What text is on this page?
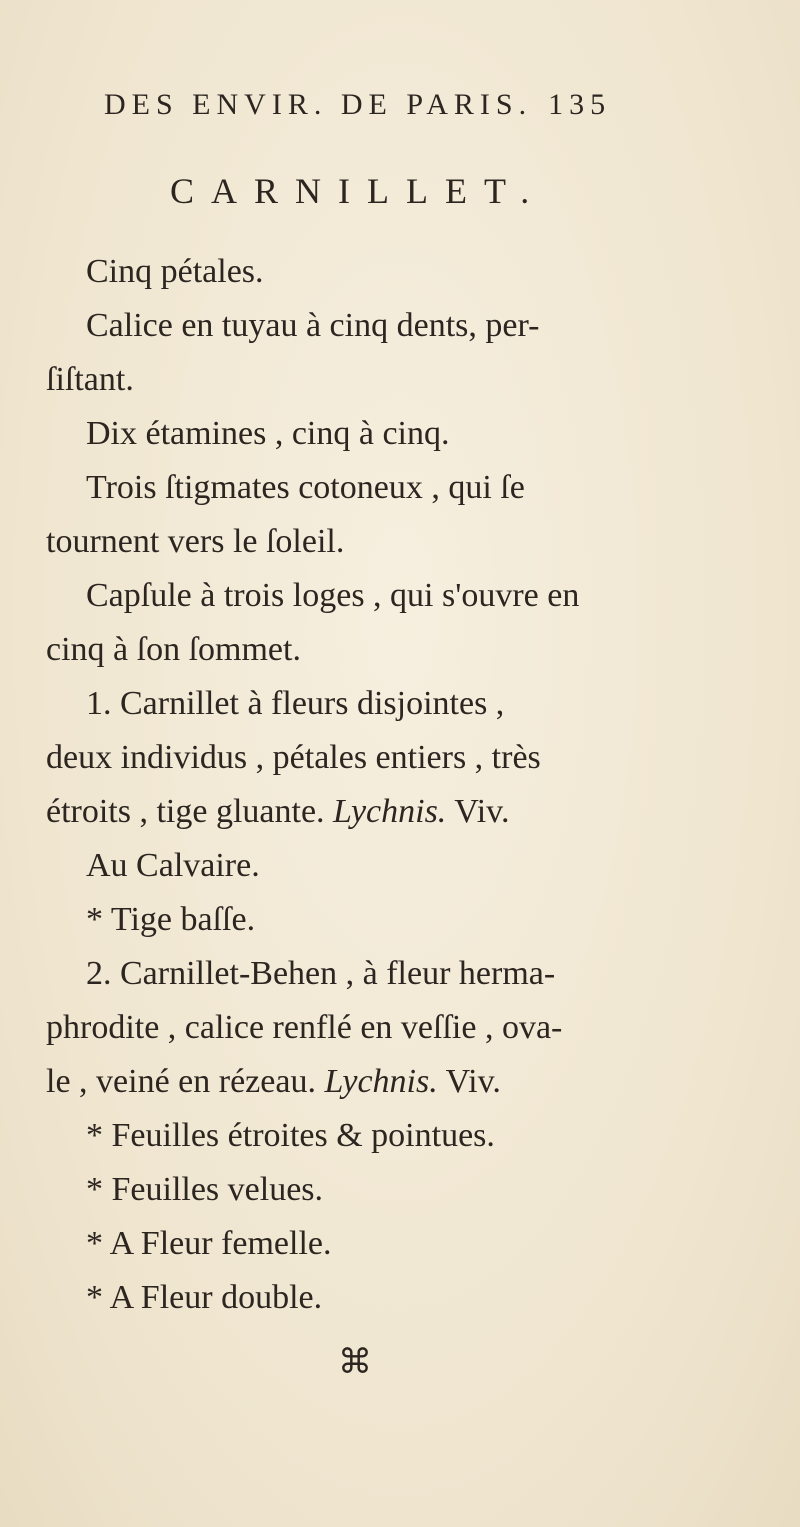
DES ENVIR. DE PARIS. 135
CARNILLET.
Cinq pétales.
Calice en tuyau à cinq dents, per-
ſiſtant.
Dix étamines , cinq à cinq.
Trois ſtigmates cotoneux , qui ſe
tournent vers le ſoleil.
Capſule à trois loges , qui s'ouvre en
cinq à ſon ſommet.
1. Carnillet à fleurs disjointes ,
deux individus , pétales entiers , très
étroits , tige gluante. Lychnis. Viv.
Au Calvaire.
* Tige baſſe.
2. Carnillet-Behen , à fleur herma-
phrodite , calice renflé en veſſie , ova-
le , veiné en rézeau. Lychnis. Viv.
* Feuilles étroites & pointues.
* Feuilles velues.
* A Fleur femelle.
* A Fleur double.
⌘
